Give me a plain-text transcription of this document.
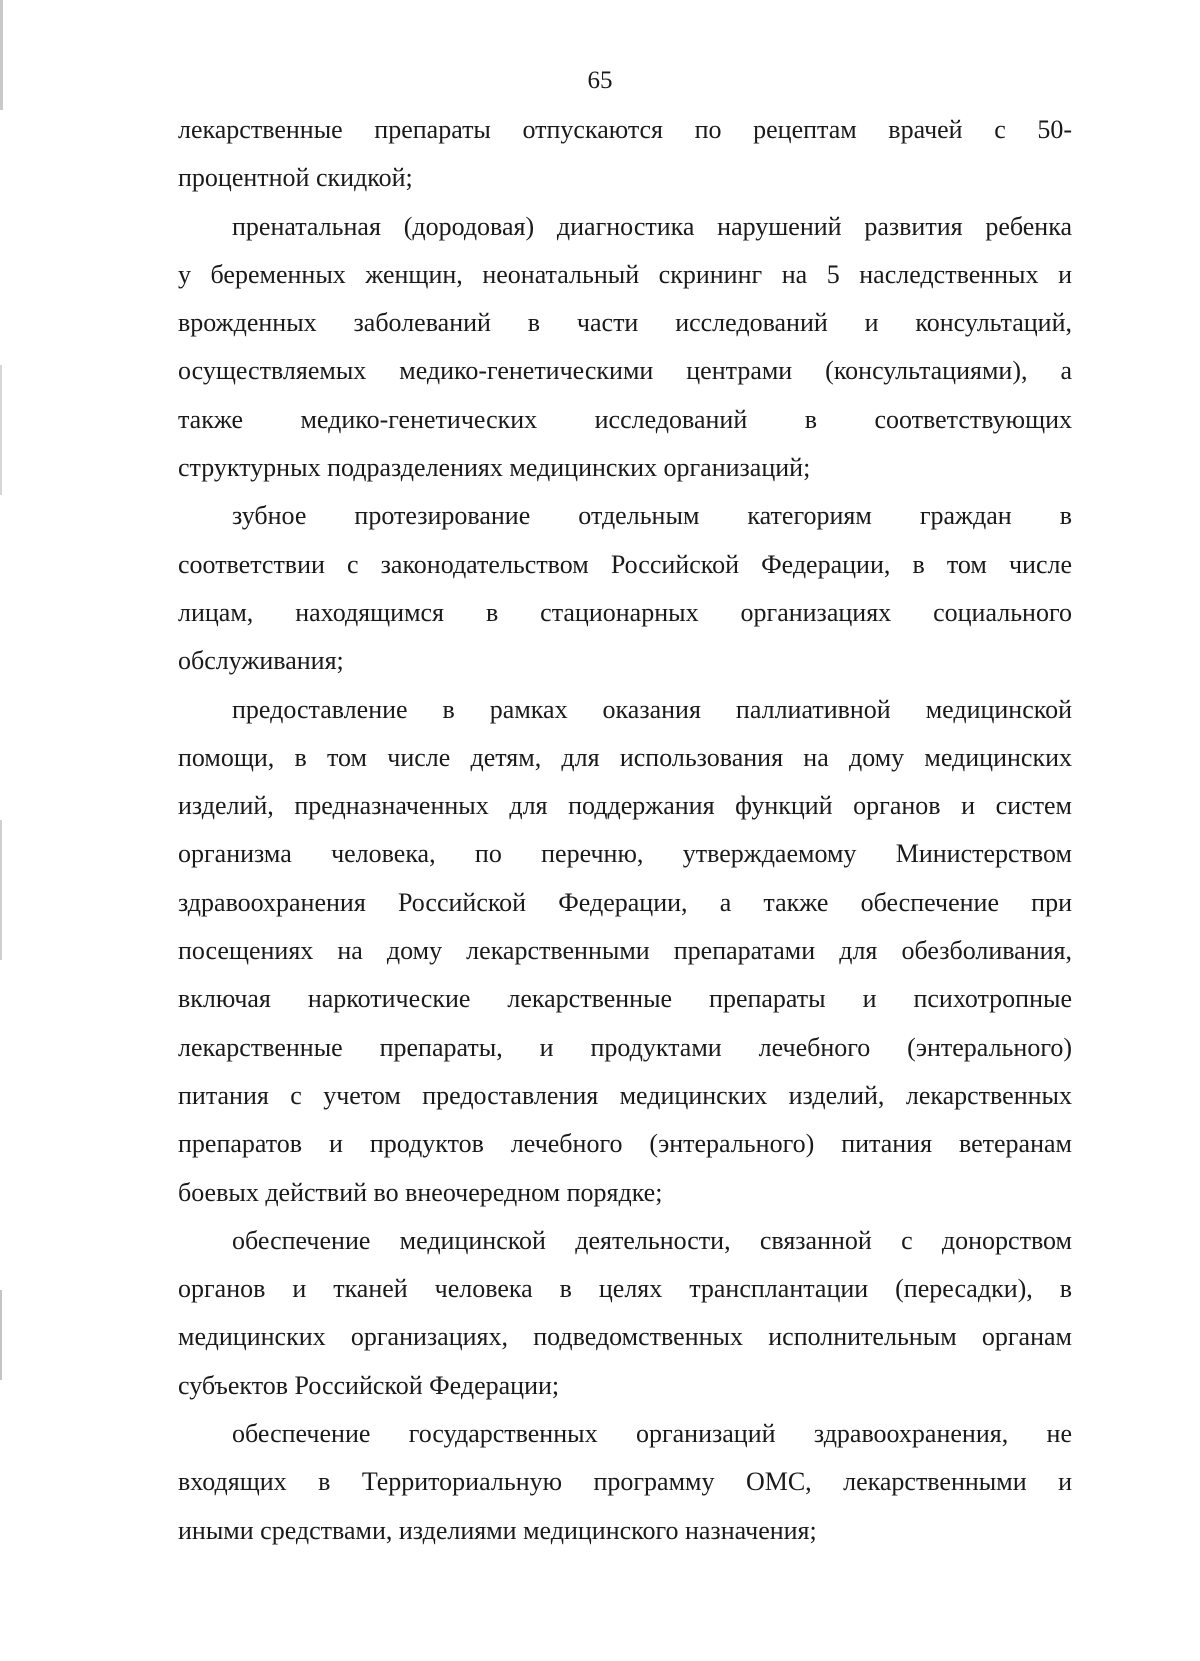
65
лекарственные препараты отпускаются по рецептам врачей с 50-
процентной скидкой;
пренатальная (дородовая) диагностика нарушений развития ребенка
у беременных женщин, неонатальный скрининг на 5 наследственных и
врожденных заболеваний в части исследований и консультаций,
осуществляемых медико-генетическими центрами (консультациями), а
также медико-генетических исследований в соответствующих
структурных подразделениях медицинских организаций;
зубное протезирование отдельным категориям граждан в
соответствии с законодательством Российской Федерации, в том числе
лицам, находящимся в стационарных организациях социального
обслуживания;
предоставление в рамках оказания паллиативной медицинской
помощи, в том числе детям, для использования на дому медицинских
изделий, предназначенных для поддержания функций органов и систем
организма человека, по перечню, утверждаемому Министерством
здравоохранения Российской Федерации, а также обеспечение при
посещениях на дому лекарственными препаратами для обезболивания,
включая наркотические лекарственные препараты и психотропные
лекарственные препараты, и продуктами лечебного (энтерального)
питания с учетом предоставления медицинских изделий, лекарственных
препаратов и продуктов лечебного (энтерального) питания ветеранам
боевых действий во внеочередном порядке;
обеспечение медицинской деятельности, связанной с донорством
органов и тканей человека в целях трансплантации (пересадки), в
медицинских организациях, подведомственных исполнительным органам
субъектов Российской Федерации;
обеспечение государственных организаций здравоохранения, не
входящих в Территориальную программу ОМС, лекарственными и
иными средствами, изделиями медицинского назначения;
